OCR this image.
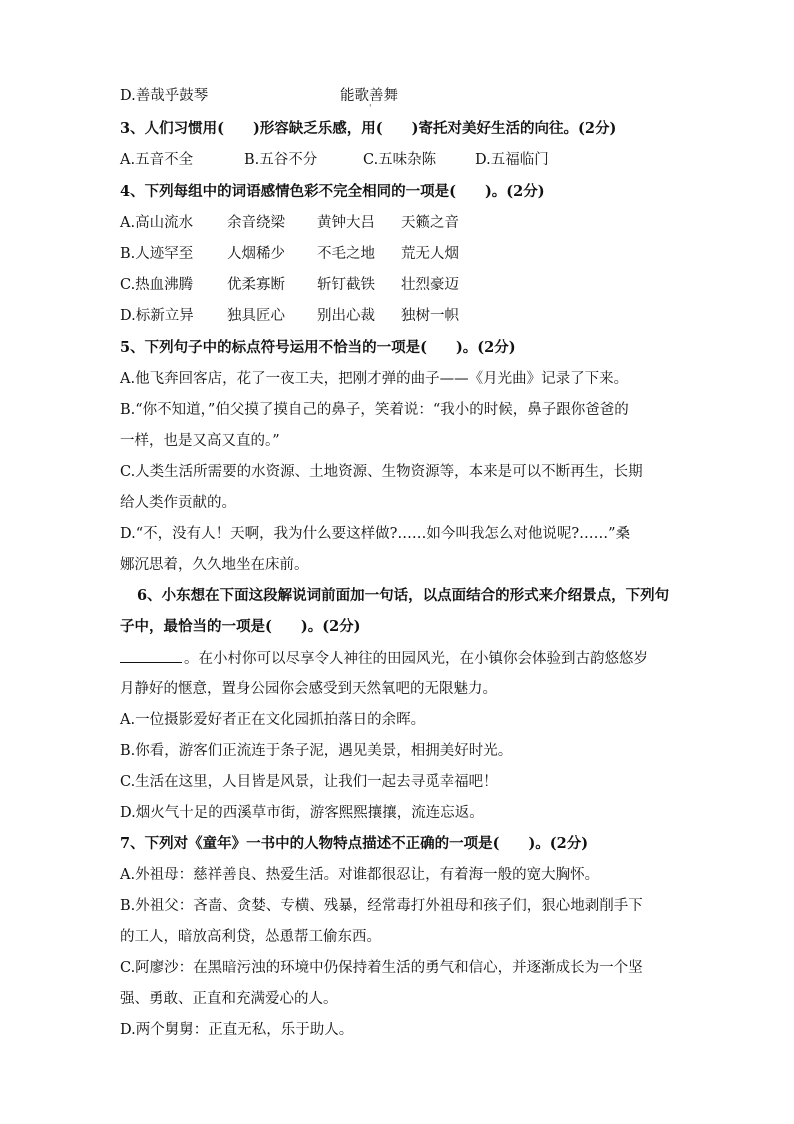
D.善哉乎鼓琴	能歌善舞
'

3、人们习惯用(　　)形容缺乏乐感，用(　　)寄托对美好生活的向往。(2分)

A.五音不全	B.五谷不分	C.五味杂陈	D.五福临门

4、下列每组中的词语感情色彩不完全相同的一项是(　　)。(2分)

A.高山流水 余音绕梁 黄钟大吕 天籁之音
B.人迹罕至 人烟稀少 不毛之地 荒无人烟
C.热血沸腾 优柔寡断 斩钉截铁 壮烈豪迈
D.标新立异 独具匠心 别出心裁 独树一帜

5、下列句子中的标点符号运用不恰当的一项是(　　)。(2分)

A.他飞奔回客店，花了一夜工夫，把刚才弹的曲子——《月光曲》记录了下来。

B.“你不知道，”伯父摸了摸自己的鼻子，笑着说：“我小的时候，鼻子跟你爸爸的

一样，也是又高又直的。”

C.人类生活所需要的水资源、土地资源、生物资源等，本来是可以不断再生，长期

给人类作贡献的。

D.“不，没有人！天啊，我为什么要这样做?……如今叫我怎么对他说呢?……”桑

娜沉思着，久久地坐在床前。

6、小东想在下面这段解说词前面加一句话，以点面结合的形式来介绍景点，下列句

子中，最恰当的一项是(　　)。(2分)

。在小村你可以尽享令人神往的田园风光，在小镇你会体验到古韵悠悠岁

月静好的惬意，置身公园你会感受到天然氧吧的无限魅力。

A.一位摄影爱好者正在文化园抓拍落日的余晖。

B.你看，游客们正流连于条子泥，遇见美景，相拥美好时光。

C.生活在这里，人目皆是风景，让我们一起去寻觅幸福吧！

D.烟火气十足的西溪草市街，游客熙熙攘攘，流连忘返。

7、下列对《童年》一书中的人物特点描述不正确的一项是(　　)。(2分)

A.外祖母：慈祥善良、热爱生活。对谁都很忍让，有着海一般的宽大胸怀。

B.外祖父：吝啬、贪婪、专横、残暴，经常毒打外祖母和孩子们，狠心地剥削手下

的工人，暗放高利贷，怂恿帮工偷东西。

C.阿廖沙：在黑暗污浊的环境中仍保持着生活的勇气和信心，并逐渐成长为一个坚

强、勇敢、正直和充满爱心的人。

D.两个舅舅：正直无私，乐于助人。
